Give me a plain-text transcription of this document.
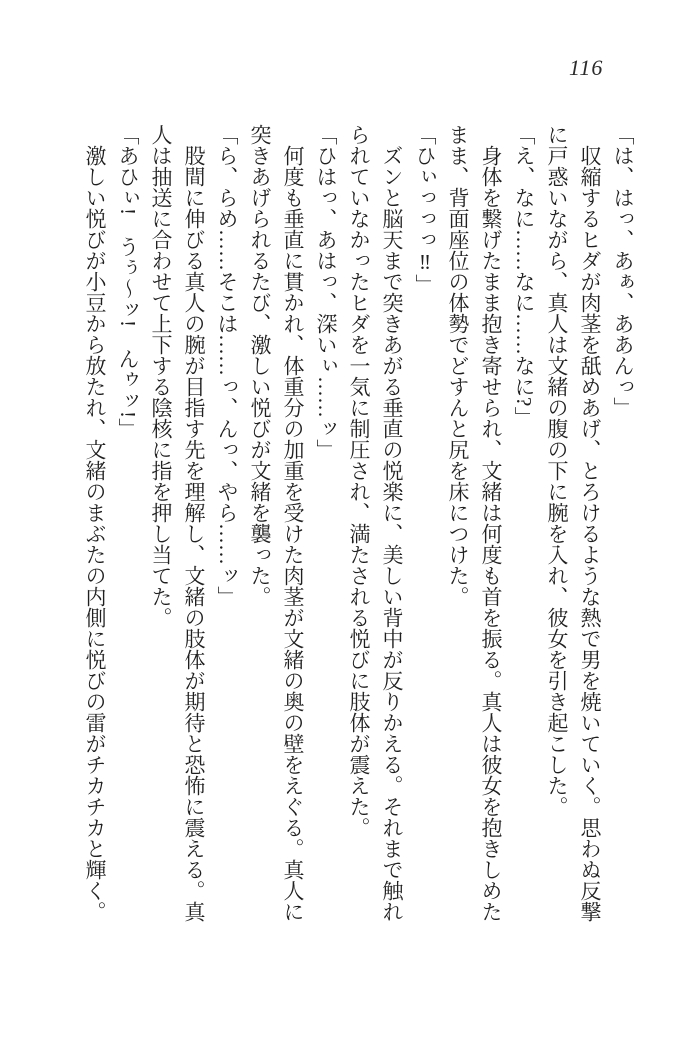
116

「は、はっ、あぁ、ああんっ」

収縮するヒダが肉茎を舐めあげ、とろけるような熱で男を焼いていく。思わぬ反撃に戸惑いながら、真人は文緒の腹の下に腕を入れ、彼女を引き起こした。

「え、なに……なに……なに?」

身体を繋げたまま抱き寄せられ、文緒は何度も首を振る。真人は彼女を抱きしめたまま、背面座位の体勢でどすんと尻を床につけた。

「ひぃっっっ‼」

ズンと脳天まで突きあがる垂直の悦楽に、美しい背中が反りかえる。それまで触れられていなかったヒダを一気に制圧され、満たされる悦びに肢体が震えた。

「ひはっ、あはっ、深いぃ……ッ」

何度も垂直に貫かれ、体重分の加重を受けた肉茎が文緒の奥の壁をえぐる。真人に突きあげられるたび、激しい悦びが文緒を襲った。

「ら、らめ……そこは……っ、んっ、やら……ッ」

股間に伸びる真人の腕が目指す先を理解し、文緒の肢体が期待と恐怖に震える。真人は抽送に合わせて上下する陰核に指を押し当てた。

「あひぃ!　うぅ〜ッ!　んゥッ!」

激しい悦びが小豆から放たれ、文緒のまぶたの内側に悦びの雷がチカチカと輝く。
